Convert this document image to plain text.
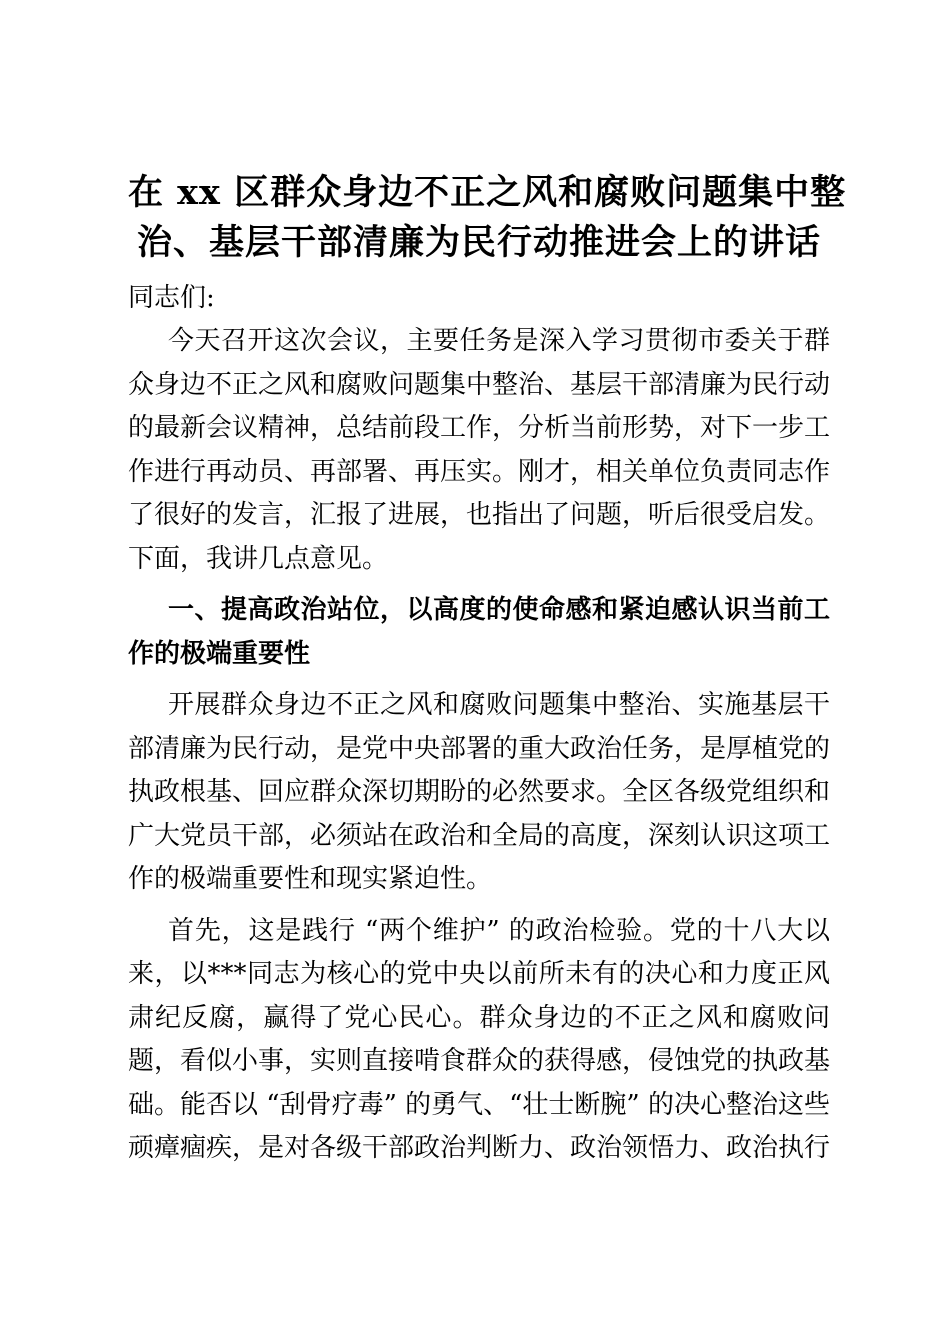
在 xx 区群众身边不正之风和腐败问题集中整
治、基层干部清廉为民行动推进会上的讲话

同志们:

今天召开这次会议，主要任务是深入学习贯彻市委关于群众身边不正之风和腐败问题集中整治、基层干部清廉为民行动的最新会议精神，总结前段工作，分析当前形势，对下一步工作进行再动员、再部署、再压实。刚才，相关单位负责同志作了很好的发言，汇报了进展，也指出了问题，听后很受启发。下面，我讲几点意见。

一、提高政治站位，以高度的使命感和紧迫感认识当前工作的极端重要性

开展群众身边不正之风和腐败问题集中整治、实施基层干部清廉为民行动，是党中央部署的重大政治任务，是厚植党的执政根基、回应群众深切期盼的必然要求。全区各级党组织和广大党员干部，必须站在政治和全局的高度，深刻认识这项工作的极端重要性和现实紧迫性。

首先，这是践行 “两个维护” 的政治检验。党的十八大以来，以***同志为核心的党中央以前所未有的决心和力度正风肃纪反腐，赢得了党心民心。群众身边的不正之风和腐败问题，看似小事，实则直接啃食群众的获得感，侵蚀党的执政基础。能否以 “刮骨疗毒” 的勇气、“壮士断腕” 的决心整治这些顽瘴痼疾，是对各级干部政治判断力、政治领悟力、政治执行
